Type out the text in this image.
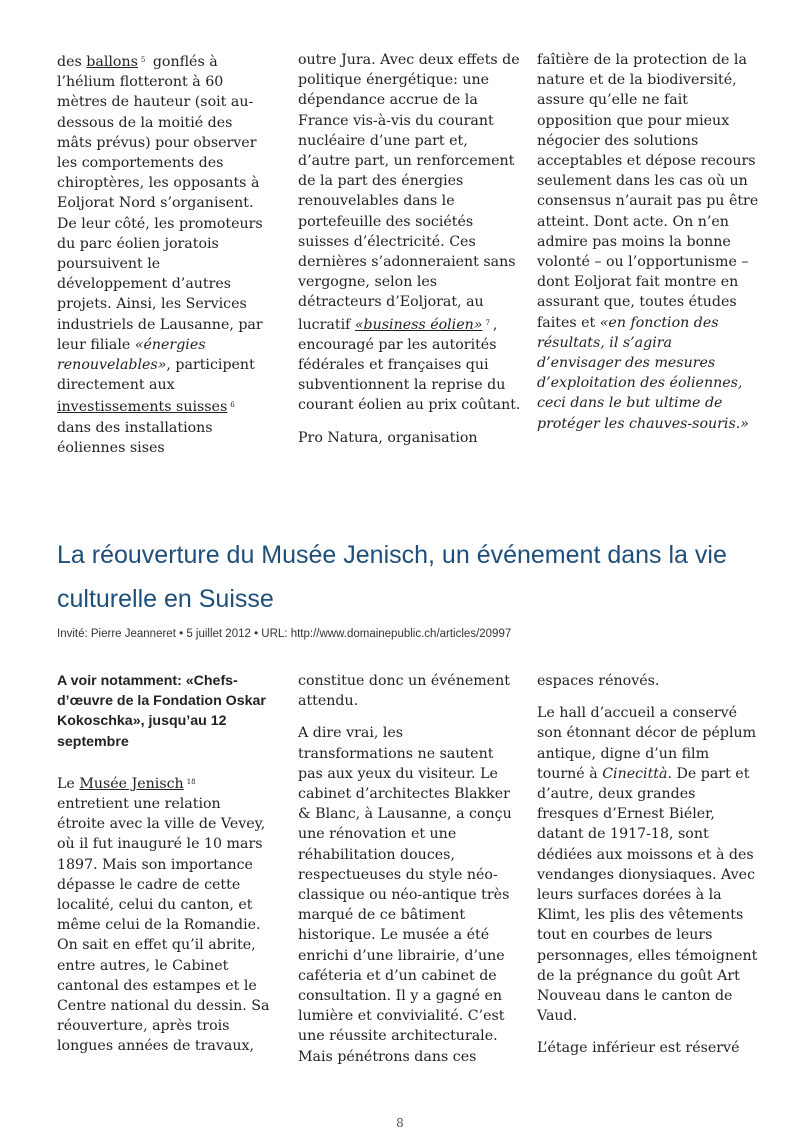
des ballons $^5$ gonflés à l’hélium flotteront à 60 mètres de hauteur (soit au-dessous de la moitié des mâts prévus) pour observer les comportements des chiroptères, les opposants à Eoljorat Nord s’organisent. De leur côté, les promoteurs du parc éolien joratois poursuivent le développement d’autres projets. Ainsi, les Services industriels de Lausanne, par leur filiale «énergies renouvelables», participent directement aux investissements suisses $^6$ dans des installations éoliennes sises

outre Jura. Avec deux effets de politique énergétique: une dépendance accrue de la France vis-à-vis du courant nucléaire d’une part et, d’autre part, un renforcement de la part des énergies renouvelables dans le portefeuille des sociétés suisses d’électricité. Ces dernières s’adonneraient sans vergogne, selon les détracteurs d’Eoljorat, au lucratif «business éolien» $^7$ , encouragé par les autorités fédérales et françaises qui subventionnent la reprise du courant éolien au prix coûtant.

Pro Natura, organisation

faîtière de la protection de la nature et de la biodiversité, assure qu’elle ne fait opposition que pour mieux négocier des solutions acceptables et dépose recours seulement dans les cas où un consensus n’aurait pas pu être atteint. Dont acte. On n’en admire pas moins la bonne volonté – ou l’opportunisme – dont Eoljorat fait montre en assurant que, toutes études faites et «en fonction des résultats, il s’agira d’envisager des mesures d’exploitation des éoliennes, ceci dans le but ultime de protéger les chauves-souris.»

La réouverture du Musée Jenisch, un événement dans la vie culturelle en Suisse
Invité: Pierre Jeanneret • 5 juillet 2012 • URL: http://www.domainepublic.ch/articles/20997
A voir notamment: «Chefs-d’œuvre de la Fondation Oskar Kokoschka», jusqu’au 12 septembre

Le Musée Jenisch $^{18}$ entretient une relation étroite avec la ville de Vevey, où il fut inauguré le 10 mars 1897. Mais son importance dépasse le cadre de cette localité, celui du canton, et même celui de la Romandie. On sait en effet qu’il abrite, entre autres, le Cabinet cantonal des estampes et le Centre national du dessin. Sa réouverture, après trois longues années de travaux,

constitue donc un événement attendu.

A dire vrai, les transformations ne sautent pas aux yeux du visiteur. Le cabinet d’architectes Blakker & Blanc, à Lausanne, a conçu une rénovation et une réhabilitation douces, respectueuses du style néo-classique ou néo-antique très marqué de ce bâtiment historique. Le musée a été enrichi d’une librairie, d’une caféteria et d’un cabinet de consultation. Il y a gagné en lumière et convivialité. C’est une réussite architecturale. Mais pénétrons dans ces

espaces rénovés.

Le hall d’accueil a conservé son étonnant décor de péplum antique, digne d’un film tourné à Cinecittà. De part et d’autre, deux grandes fresques d’Ernest Biéler, datant de 1917-18, sont dédiées aux moissons et à des vendanges dionysiaques. Avec leurs surfaces dorées à la Klimt, les plis des vêtements tout en courbes de leurs personnages, elles témoignent de la prégnance du goût Art Nouveau dans le canton de Vaud.

L’étage inférieur est réservé

8
